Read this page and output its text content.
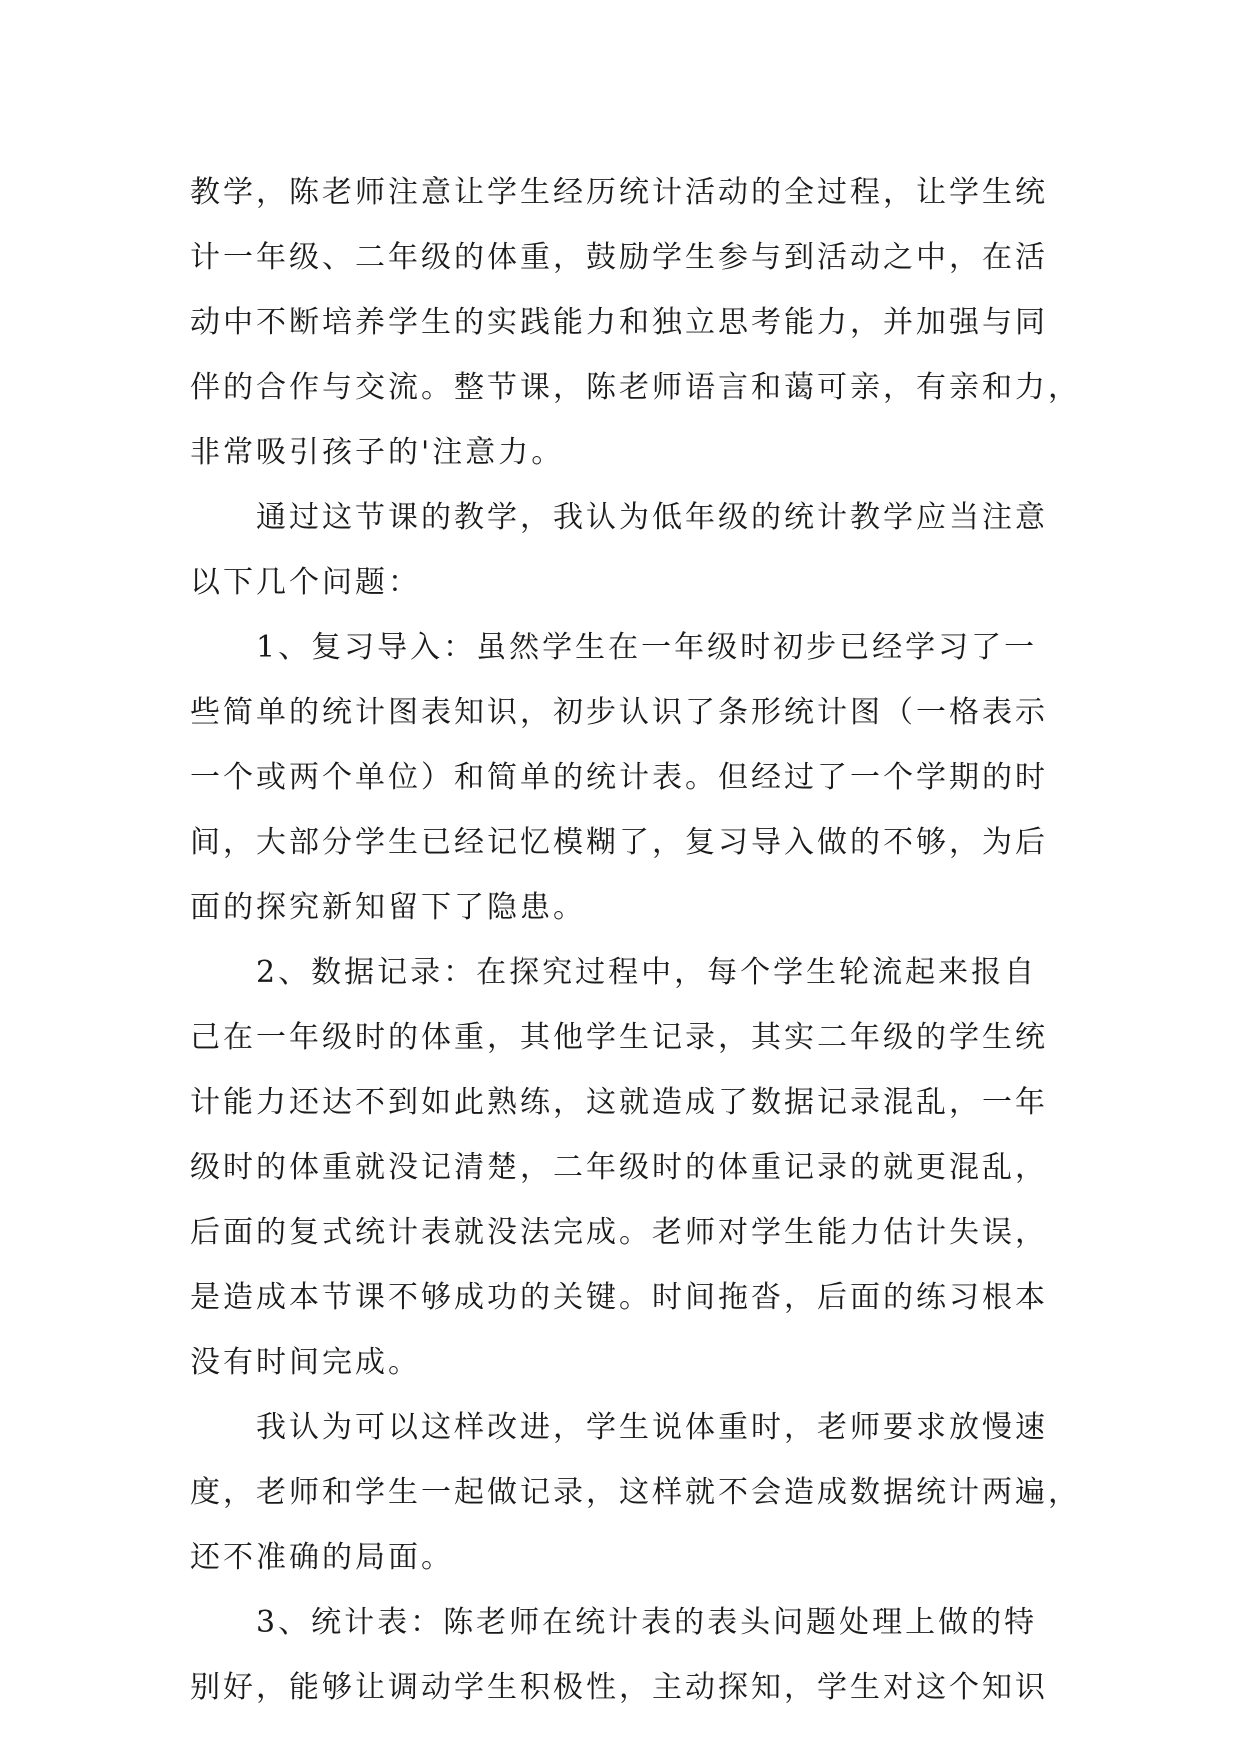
教学，陈老师注意让学生经历统计活动的全过程，让学生统
计一年级、二年级的体重，鼓励学生参与到活动之中，在活
动中不断培养学生的实践能力和独立思考能力，并加强与同
伴的合作与交流。整节课，陈老师语言和蔼可亲，有亲和力，
非常吸引孩子的'注意力。
　　通过这节课的教学，我认为低年级的统计教学应当注意
以下几个问题：
　　1、复习导入：虽然学生在一年级时初步已经学习了一
些简单的统计图表知识，初步认识了条形统计图（一格表示
一个或两个单位）和简单的统计表。但经过了一个学期的时
间，大部分学生已经记忆模糊了，复习导入做的不够，为后
面的探究新知留下了隐患。
　　2、数据记录：在探究过程中，每个学生轮流起来报自
己在一年级时的体重，其他学生记录，其实二年级的学生统
计能力还达不到如此熟练，这就造成了数据记录混乱，一年
级时的体重就没记清楚，二年级时的体重记录的就更混乱，
后面的复式统计表就没法完成。老师对学生能力估计失误，
是造成本节课不够成功的关键。时间拖沓，后面的练习根本
没有时间完成。
　　我认为可以这样改进，学生说体重时，老师要求放慢速
度，老师和学生一起做记录，这样就不会造成数据统计两遍，
还不准确的局面。
　　3、统计表：陈老师在统计表的表头问题处理上做的特
别好，能够让调动学生积极性，主动探知，学生对这个知识
